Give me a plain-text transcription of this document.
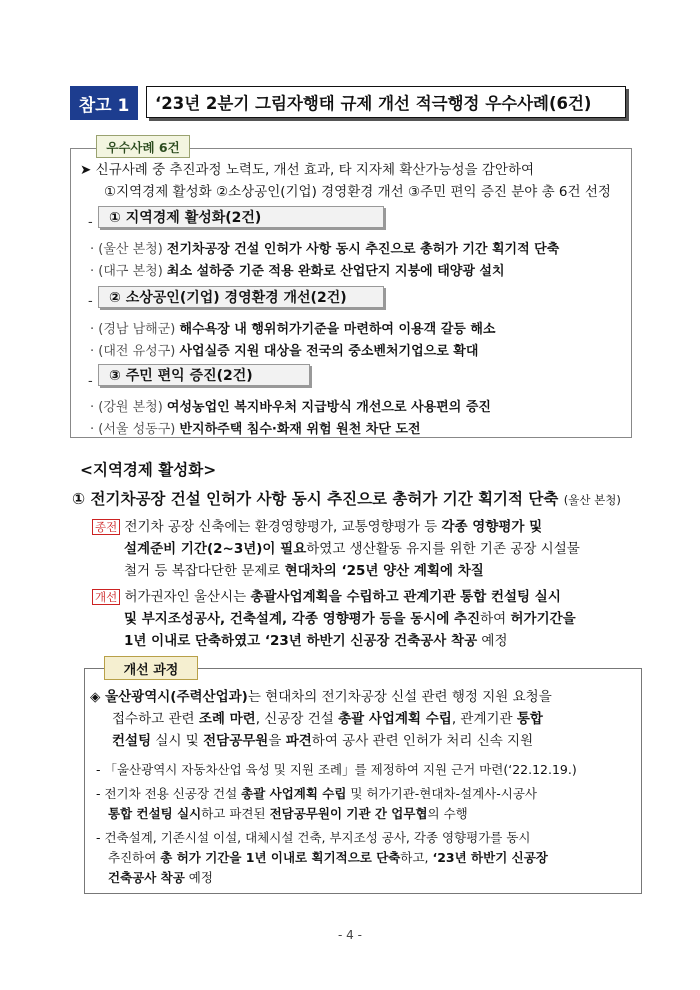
참고 1	‘23년 2분기 그림자행태 규제 개선 적극행정 우수사례(6건)
우수사례 6건
➤ 신규사례 중 추진과정 노력도, 개선 효과, 타 지자체 확산가능성을 감안하여
①지역경제 활성화 ②소상공인(기업) 경영환경 개선 ③주민 편익 증진 분야 총 6건 선정
-	① 지역경제 활성화(2건)
· (울산 본청) 전기차공장 건설 인허가 사항 동시 추진으로 총허가 기간 획기적 단축
· (대구 본청) 최소 설하중 기준 적용 완화로 산업단지 지붕에 태양광 설치
-	② 소상공인(기업) 경영환경 개선(2건)
· (경남 남해군) 해수욕장 내 행위허가기준을 마련하여 이용객 갈등 해소
· (대전 유성구) 사업실증 지원 대상을 전국의 중소벤처기업으로 확대
-	③ 주민 편익 증진(2건)
· (강원 본청) 여성농업인 복지바우처 지급방식 개선으로 사용편의 증진
· (서울 성동구) 반지하주택 침수·화재 위험 원천 차단 도전
<지역경제 활성화>
① 전기차공장 건설 인허가 사항 동시 추진으로 총허가 기간 획기적 단축 (울산 본청)
종전 전기차 공장 신축에는 환경영향평가, 교통영향평가 등 각종 영향평가 및
설계준비 기간(2~3년)이 필요하였고 생산활동 유지를 위한 기존 공장 시설물
철거 등 복잡다단한 문제로 현대차의 ‘25년 양산 계획에 차질
개선 허가권자인 울산시는 총괄사업계획을 수립하고 관계기관 통합 컨설팅 실시
및 부지조성공사, 건축설계, 각종 영향평가 등을 동시에 추진하여 허가기간을
1년 이내로 단축하였고 ‘23년 하반기 신공장 건축공사 착공 예정
개선 과정
◈ 울산광역시(주력산업과)는 현대차의 전기차공장 신설 관련 행정 지원 요청을
접수하고 관련 조례 마련, 신공장 건설 총괄 사업계획 수립, 관계기관 통합
컨설팅 실시 및 전담공무원을 파견하여 공사 관련 인허가 처리 신속 지원
- 「울산광역시 자동차산업 육성 및 지원 조례」를 제정하여 지원 근거 마련(‘22.12.19.)
- 전기차 전용 신공장 건설 총괄 사업계획 수립 및 허가기관-현대차-설계사-시공사
통합 컨설팅 실시하고 파견된 전담공무원이 기관 간 업무협의 수행
- 건축설계, 기존시설 이설, 대체시설 건축, 부지조성 공사, 각종 영향평가를 동시
추진하여 총 허가 기간을 1년 이내로 획기적으로 단축하고, ‘23년 하반기 신공장
건축공사 착공 예정
- 4 -
